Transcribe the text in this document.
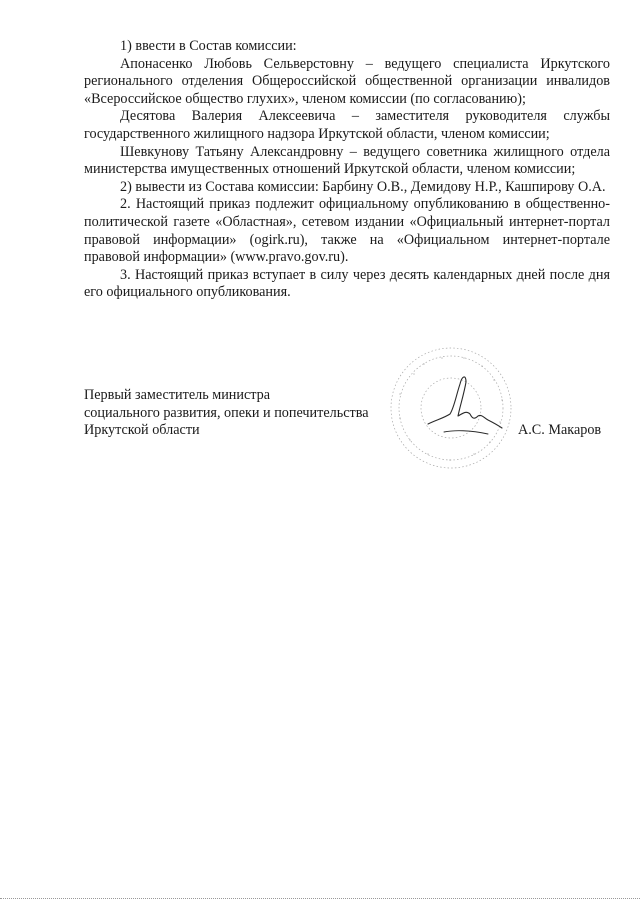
1) ввести в Состав комиссии:

Апонасенко Любовь Сельверстовну – ведущего специалиста Иркутского регионального отделения Общероссийской общественной организации инвалидов «Всероссийское общество глухих», членом комиссии (по согласованию);

Десятова Валерия Алексеевича – заместителя руководителя службы государственного жилищного надзора Иркутской области, членом комиссии;

Шевкунову Татьяну Александровну – ведущего советника жилищного отдела министерства имущественных отношений Иркутской области, членом комиссии;

2) вывести из Состава комиссии: Барбину О.В., Демидову Н.Р., Кашпирову О.А.

2. Настоящий приказ подлежит официальному опубликованию в общественно-политической газете «Областная», сетевом издании «Официальный интернет-портал правовой информации» (ogirk.ru), также на «Официальном интернет-портале правовой информации» (www.pravo.gov.ru).

3. Настоящий приказ вступает в силу через десять календарных дней после дня его официального опубликования.

Первый заместитель министра

социального развития, опеки и попечительства

Иркутской области	А.С. Макаров
